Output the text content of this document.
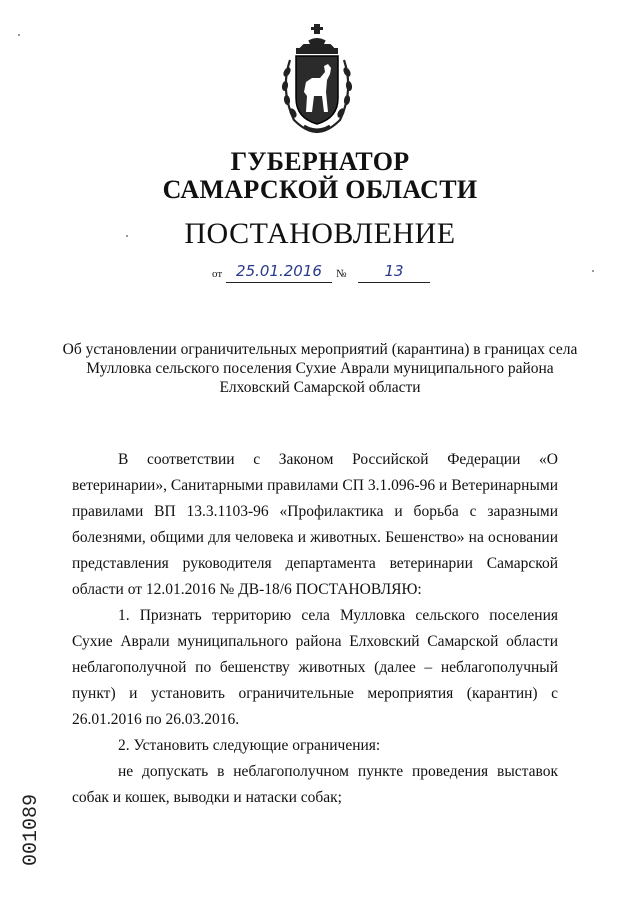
ГУБЕРНАТОР
САМАРСКОЙ ОБЛАСТИ
ПОСТАНОВЛЕНИЕ
от 25.01.2016	№	13
Об установлении ограничительных мероприятий (карантина) в границах села Мулловка сельского поселения Сухие Аврали муниципального района Елховский Самарской области

В соответствии с Законом Российской Федерации «О ветеринарии», Санитарными правилами СП 3.1.096-96 и Ветеринарными правилами ВП 13.3.1103-96 «Профилактика и борьба с заразными болезнями, общими для человека и животных. Бешенство» на основании представления руководителя департамента ветеринарии Самарской области от 12.01.2016 № ДВ-18/6 ПОСТАНОВЛЯЮ:

1. Признать территорию села Мулловка сельского поселения Сухие Аврали муниципального района Елховский Самарской области неблагополучной по бешенству животных (далее – неблагополучный пункт) и установить ограничительные мероприятия (карантин) с 26.01.2016 по 26.03.2016.

2. Установить следующие ограничения:

не допускать в неблагополучном пункте проведения выставок собак и кошек, выводки и натаски собак;

001089
